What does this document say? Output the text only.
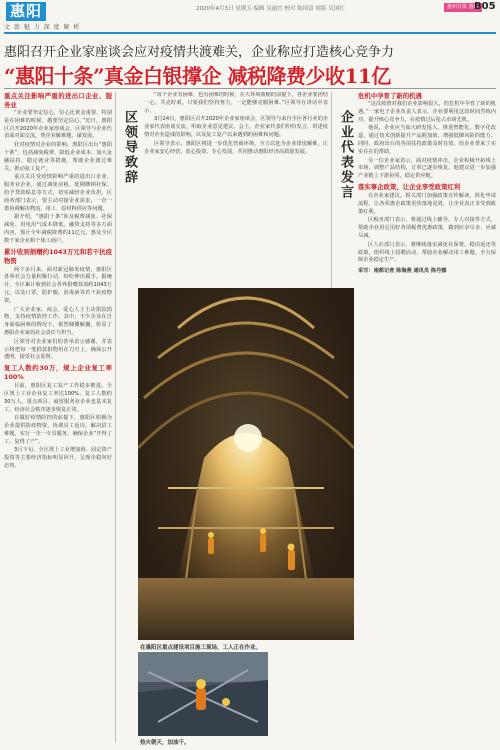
惠阳
文 旅 魅 力 深 度 解 析
2020年4月3日 星期五 编辑 吴丽宜 校对 陈国富 组版 吴国红	惠州日报 惠阳
B05
惠阳召开企业家座谈会应对疫情共渡难关，企业称应打造核心竞争力
“惠阳十条”真金白银撑企 减税降费少收11亿
重点关注影响严重的进出口企业、服务业

“企业要坚定信心，信心比黄金重要，特别是在困难的时候，越要坚定信心。”近日，惠阳区召开2020年企业家座谈会，区领导与企业代表面对面交流，帮企业解难题、谋发展。

针对疫情对企业的影响，惠阳区出台“惠阳十条”，包括减免税费、降低企业成本、加大金融扶持、稳定就业等措施，帮助企业渡过难关，推动复工复产。

重点关注受疫情影响严重的进出口企业、服务业企业，通过减免房租、延期缴纳社保、给予贷款贴息等方式，切实减轻企业负担。区商务部门表示，要主动对接企业需求，一企一策协调解决物流、用工、原材料供应等问题。

据介绍，“惠阳十条”涉及税费减免、社保减免、用电用气成本降低、融资支持等多方面内容，预计全年减税降费约11亿元，惠及全区数千家企业和个体工商户。

累计收到捐赠约1043万元和若干抗疫物资

两个多月来，面对新冠肺炎疫情，惠阳区各界社会力量积极行动，纷纷伸出援手。据统计，全区累计收到社会各界捐赠款项约1043万元，以及口罩、防护服、消毒液等若干抗疫物资。

广大企业家、商会、爱心人士主动捐款捐物，支持疫情防控工作。其中，不少企业在自身面临困难的情况下，依然慷慨解囊，彰显了惠阳企业家的社会责任与担当。

区领导对企业家们的善举表示感谢，并表示将把每一笔捐款捐物用在刀刃上，确保公开透明，接受社会监督。

复工人数约30万，规上企业复工率100%

目前，惠阳区复工复产工作稳步推进。全区规上工业企业复工率达100%，复工人数约30万人，重点项目、商贸服务业企业也基本复工，经济社会秩序逐步恢复正常。

在做好疫情防控的前提下，惠阳区积极为企业提供防疫物资、协调员工返岗、解决招工难题，实行一企一专员服务，确保企业“开得了工、复得了产”。

3月下旬，全区规上工业增加值、固定资产投资等主要经济指标明显回升，呈现企稳向好态势。

区领导致辞

“每个企业有困难，也有困难的时候，在大环境收缩的前提下，各企业要团结一心，共克时艰。只要我们坚持努力，一定能够克服困难。”区领导在讲话中表示。

3月24日，惠阳区召开2020年企业家座谈会，区领导与来自全区各行业的企业家代表座谈交流，听取企业意见建议。会上，企业家代表们纷纷发言，讲述疫情对企业造成的影响，以及复工复产以来遇到的困难和问题。

区领导表示，惠阳区将进一步优化营商环境，全力以赴为企业排忧解难，让企业家安心经营、放心投资、专心发展，共同推动惠阳经济高质量发展。	企业代表发言
危机中孕育了新的机遇

“这次疫情对我们企业影响很大，但危机中孕育了新的机遇。”一家电子企业负责人表示，企业要利用这段时间苦练内功，提升核心竞争力，在疫情过后抢占市场先机。

他说，企业应当加大研发投入，推进智能化、数字化改造，通过技术创新提升产品附加值，增强抵御风险的能力。同时，政府出台的各项扶持政策及时有效，给企业带来了实实在在的帮助。

另一位企业家表示，面对疫情冲击，企业积极开拓线上市场，调整产品结构，订单已逐步恢复。他建议进一步加强产业链上下游协同，稳定供应链。

落实事企政策，让企业享受政策红利

有企业家建议，相关部门加强政策宣传解读，简化申请流程，让各项惠企政策更快落地见效，让企业真正享受到政策红利。

区税务部门表示，将通过线上辅导、专人对接等方式，帮助企业用足用好各项税费优惠政策，做到应享尽享、应减尽减。

区人社部门表示，将继续落实减免社保费、稳岗返还等政策，组织线上招聘活动，帮助企业解决用工难题，全力保障企业稳定生产。

采写：南都记者 陈海燕 通讯员 陈丹娜

在惠阳区重点建设项目施工现场，工人正在作业。
热火朝天，加油干。
